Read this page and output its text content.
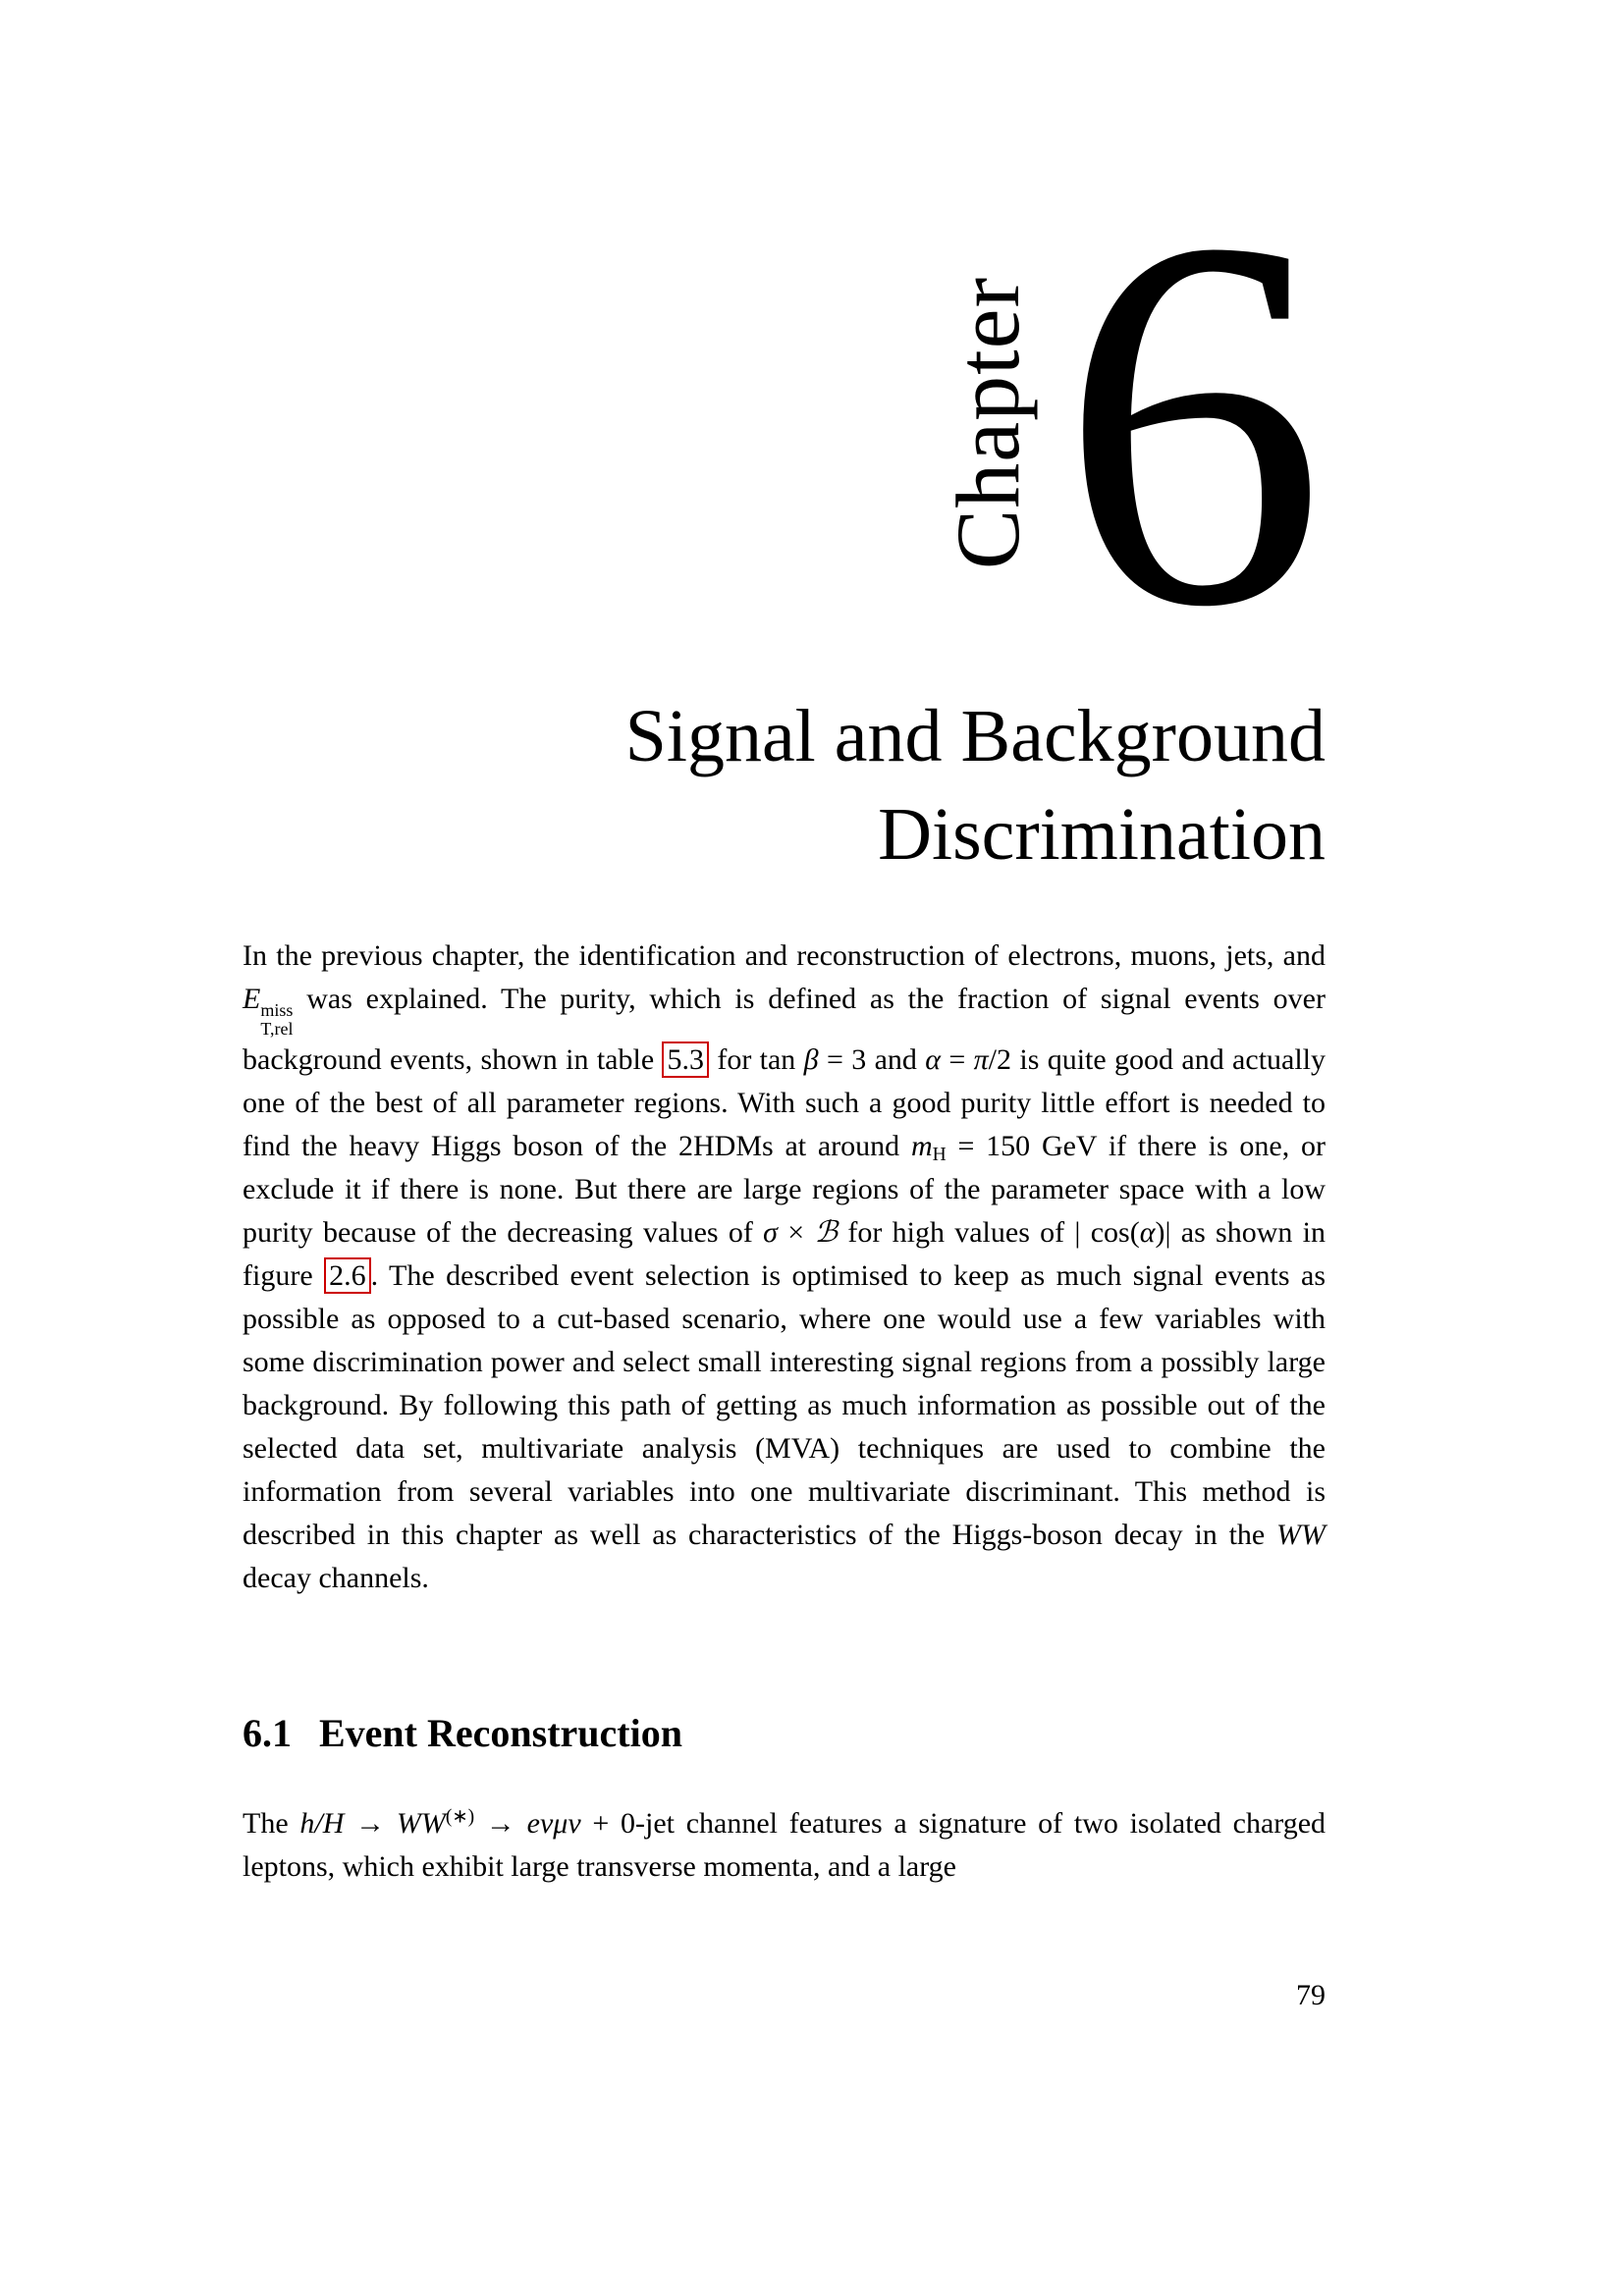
Chapter 6
Signal and Background Discrimination

In the previous chapter, the identification and reconstruction of electrons, muons, jets, and E miss
T,rel
was explained. The purity, which is defined as the fraction of signal events over background events, shown in table 5.3 for tan β = 3 and α = π/2 is quite good and actually one of the best of all parameter regions. With such a good purity little effort is needed to find the heavy Higgs boson of the 2HDMs at around $m_H = 150$ GeV if there is one, or exclude it if there is none. But there are large regions of the parameter space with a low purity because of the decreasing values of σ × ℬ for high values of | cos(α)| as shown in figure 2.6 . The described event selection is optimised to keep as much signal events as possible as opposed to a cut-based scenario, where one would use a few variables with some discrimination power and select small interesting signal regions from a possibly large background. By following this path of getting as much information as possible out of the selected data set, multivariate analysis (MVA) techniques are used to combine the information from several variables into one multivariate discriminant. This method is described in this chapter as well as characteristics of the Higgs-boson decay in the WW decay channels.

6.1 Event Reconstruction

The h/H → WW(∗) → eνμν + 0-jet channel features a signature of two isolated charged leptons, which exhibit large transverse momenta, and a large

79
